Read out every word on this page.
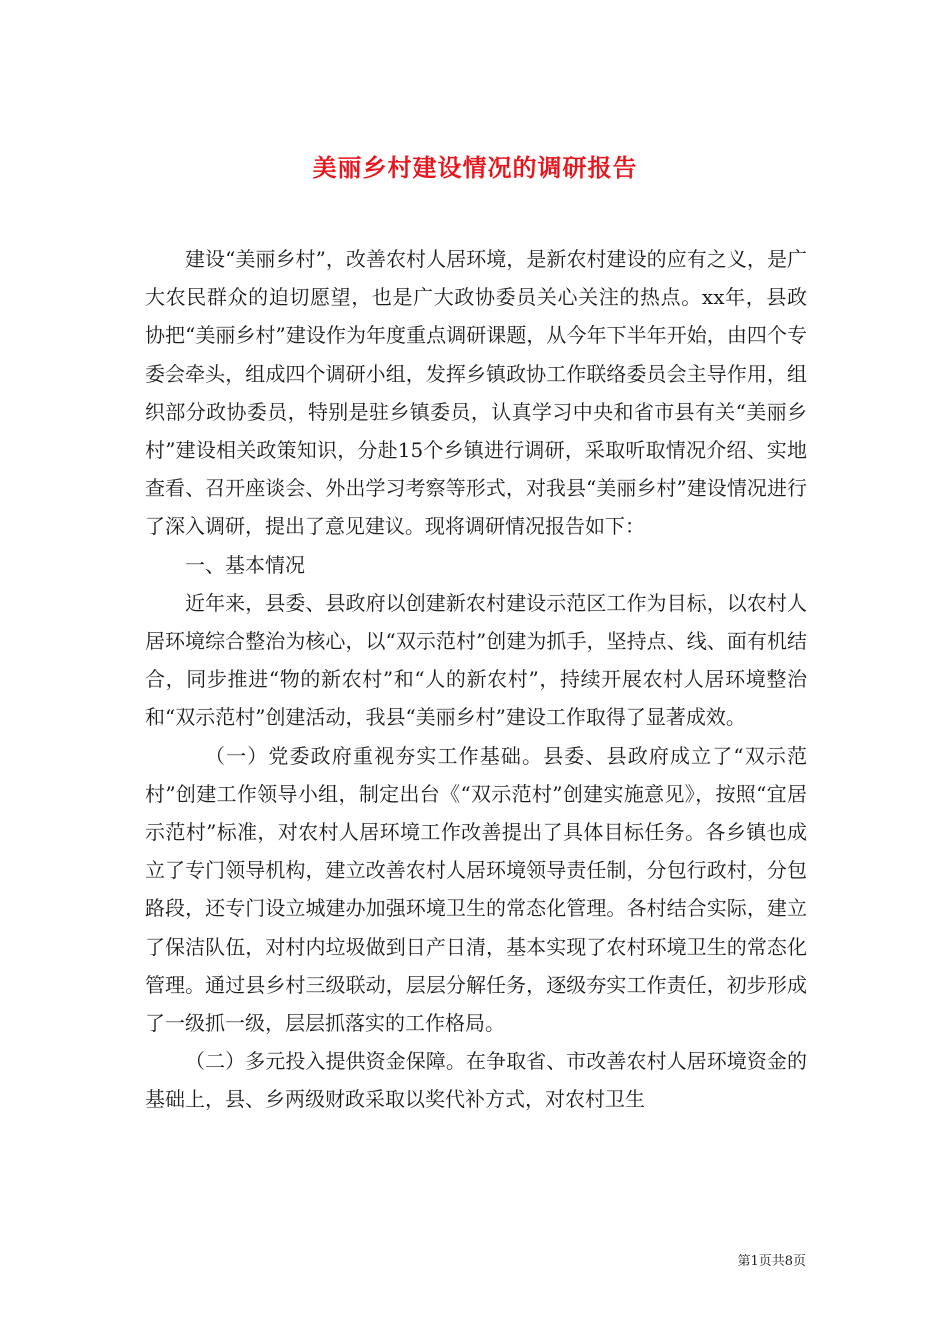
美丽乡村建设情况的调研报告

建设“美丽乡村”，改善农村人居环境，是新农村建设的应有之义，是广大农民群众的迫切愿望，也是广大政协委员关心关注的热点。xx年，县政协把“美丽乡村”建设作为年度重点调研课题，从今年下半年开始，由四个专委会牵头，组成四个调研小组，发挥乡镇政协工作联络委员会主导作用，组织部分政协委员，特别是驻乡镇委员，认真学习中央和省市县有关“美丽乡村”建设相关政策知识，分赴15个乡镇进行调研，采取听取情况介绍、实地查看、召开座谈会、外出学习考察等形式，对我县“美丽乡村”建设情况进行了深入调研，提出了意见建议。现将调研情况报告如下：

一、基本情况

近年来，县委、县政府以创建新农村建设示范区工作为目标，以农村人居环境综合整治为核心，以“双示范村”创建为抓手，坚持点、线、面有机结合，同步推进“物的新农村”和“人的新农村”，持续开展农村人居环境整治和“双示范村”创建活动，我县“美丽乡村”建设工作取得了显著成效。

（一）党委政府重视夯实工作基础。县委、县政府成立了“双示范村”创建工作领导小组，制定出台《“双示范村”创建实施意见》，按照“宜居示范村”标准，对农村人居环境工作改善提出了具体目标任务。各乡镇也成立了专门领导机构，建立改善农村人居环境领导责任制，分包行政村，分包路段，还专门设立城建办加强环境卫生的常态化管理。各村结合实际，建立了保洁队伍，对村内垃圾做到日产日清，基本实现了农村环境卫生的常态化管理。通过县乡村三级联动，层层分解任务，逐级夯实工作责任，初步形成了一级抓一级，层层抓落实的工作格局。

（二）多元投入提供资金保障。在争取省、市改善农村人居环境资金的基础上，县、乡两级财政采取以奖代补方式，对农村卫生

第1页共8页
